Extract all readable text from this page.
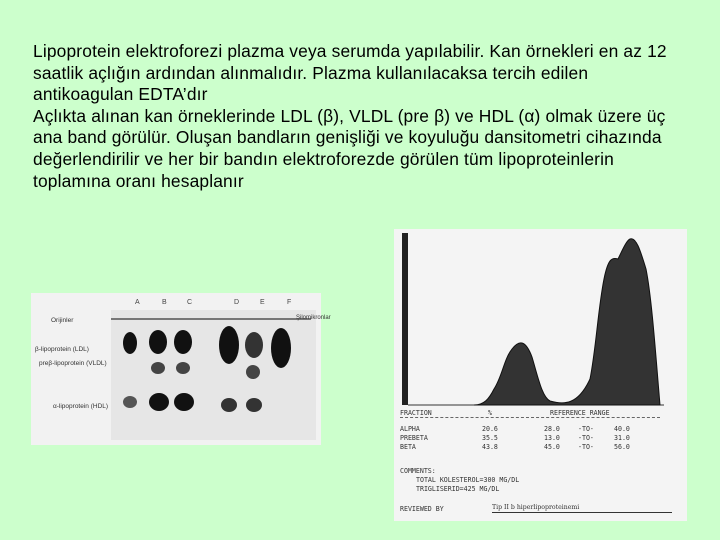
Lipoprotein elektroforezi plazma veya serumda yapılabilir. Kan örnekleri en az 12 saatlik açlığın ardından alınmalıdır. Plazma kullanılacaksa tercih edilen antikoagulan EDTA’dır

Açlıkta alınan kan örneklerinde LDL (β), VLDL (pre β) ve HDL (α) olmak üzere üç ana band görülür. Oluşan bandların genişliği ve koyuluğu dansitometri cihazında değerlendirilir ve her bir bandın elektroforezde görülen tüm lipoproteinlerin toplamına oranı hesaplanır

A	B	C	D	E	F
Orijinler
β-lipoprotein (LDL)
preβ-lipoprotein (VLDL)
α-lipoprotein (HDL)
Şilomikronlar
FRACTION	%	REFERENCE RANGE
ALPHA	20.6	28.0	-TO-	40.0
PREBETA	35.5	13.0	-TO-	31.0
BETA	43.8	45.0	-TO-	56.0
COMMENTS:
TOTAL KOLESTEROL=300 MG/DL
TRIGLISERID=425 MG/DL
REVIEWED BY	Tip II b hiperlipoproteinemi
